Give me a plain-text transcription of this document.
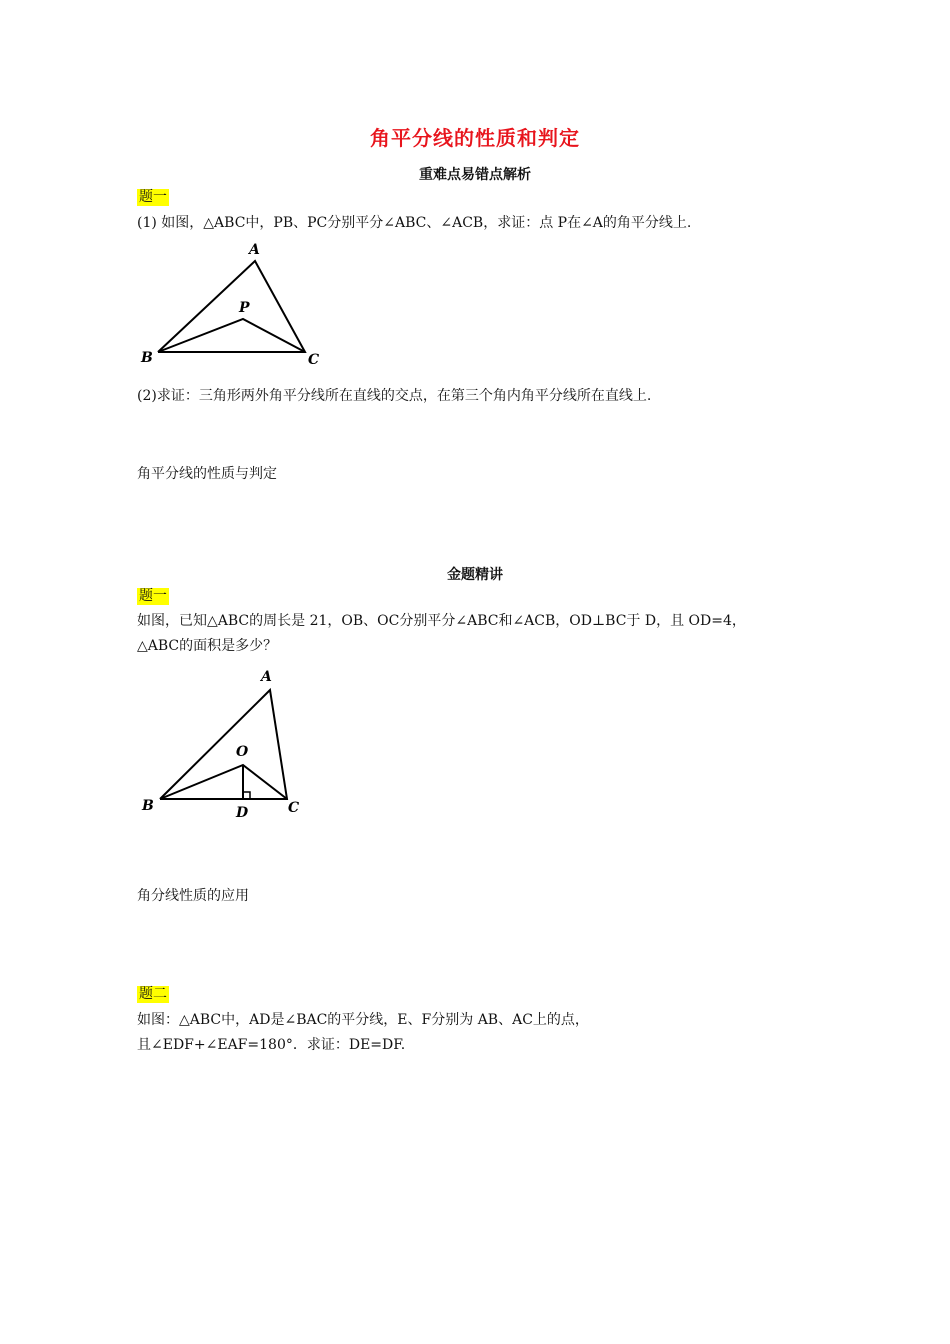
角平分线的性质和判定
重难点易错点解析
题一
(1) 如图，△ABC中，PB、PC分别平分∠ABC、∠ACB，求证：点 P在∠A的角平分线上.
A
B	C
P
(2)求证：三角形两外角平分线所在直线的交点，在第三个角内角平分线所在直线上.
角平分线的性质与判定
金题精讲
题一
如图，已知△ABC的周长是 21，OB、OC分别平分∠ABC和∠ACB，OD⊥BC于 D，且 OD=4，
△ABC的面积是多少？
A
B	C
O
D
角分线性质的应用
题二
如图：△ABC中，AD是∠BAC的平分线，E、F分别为 AB、AC上的点，
且∠EDF+∠EAF=180°．求证：DE=DF.
